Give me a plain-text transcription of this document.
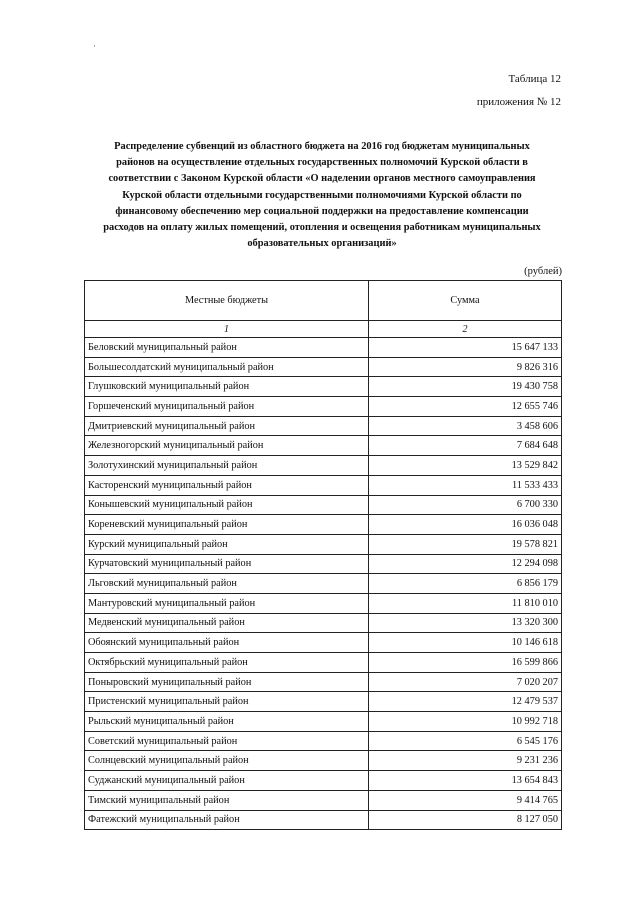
·
Таблица 12
приложения № 12
Распределение субвенций из областного бюджета на 2016 год бюджетам муниципальных
районов на осуществление отдельных государственных полномочий Курской области в
соответствии с Законом Курской области «О наделении органов местного самоуправления
Курской области отдельными государственными полномочиями Курской области по
финансовому обеспечению мер социальной поддержки на предоставление компенсации
расходов на оплату жилых помещений, отопления и освещения работникам муниципальных
образовательных организаций»
(рублей)
Местные бюджеты	Сумма
1	2
Беловский муниципальный район	15 647 133
Большесолдатский муниципальный район	9 826 316
Глушковский муниципальный район	19 430 758
Горшеченский муниципальный район	12 655 746
Дмитриевский муниципальный район	3 458 606
Железногорский муниципальный район	7 684 648
Золотухинский муниципальный район	13 529 842
Касторенский муниципальный район	11 533 433
Конышевский муниципальный район	6 700 330
Кореневский муниципальный район	16 036 048
Курский муниципальный район	19 578 821
Курчатовский муниципальный район	12 294 098
Льговский муниципальный район	6 856 179
Мантуровский муниципальный район	11 810 010
Медвенский муниципальный район	13 320 300
Обоянский муниципальный район	10 146 618
Октябрьский муниципальный район	16 599 866
Поныровский муниципальный район	7 020 207
Пристенский муниципальный район	12 479 537
Рыльский муниципальный район	10 992 718
Советский муниципальный район	6 545 176
Солнцевский муниципальный район	9 231 236
Суджанский муниципальный район	13 654 843
Тимский муниципальный район	9 414 765
Фатежский муниципальный район	8 127 050
